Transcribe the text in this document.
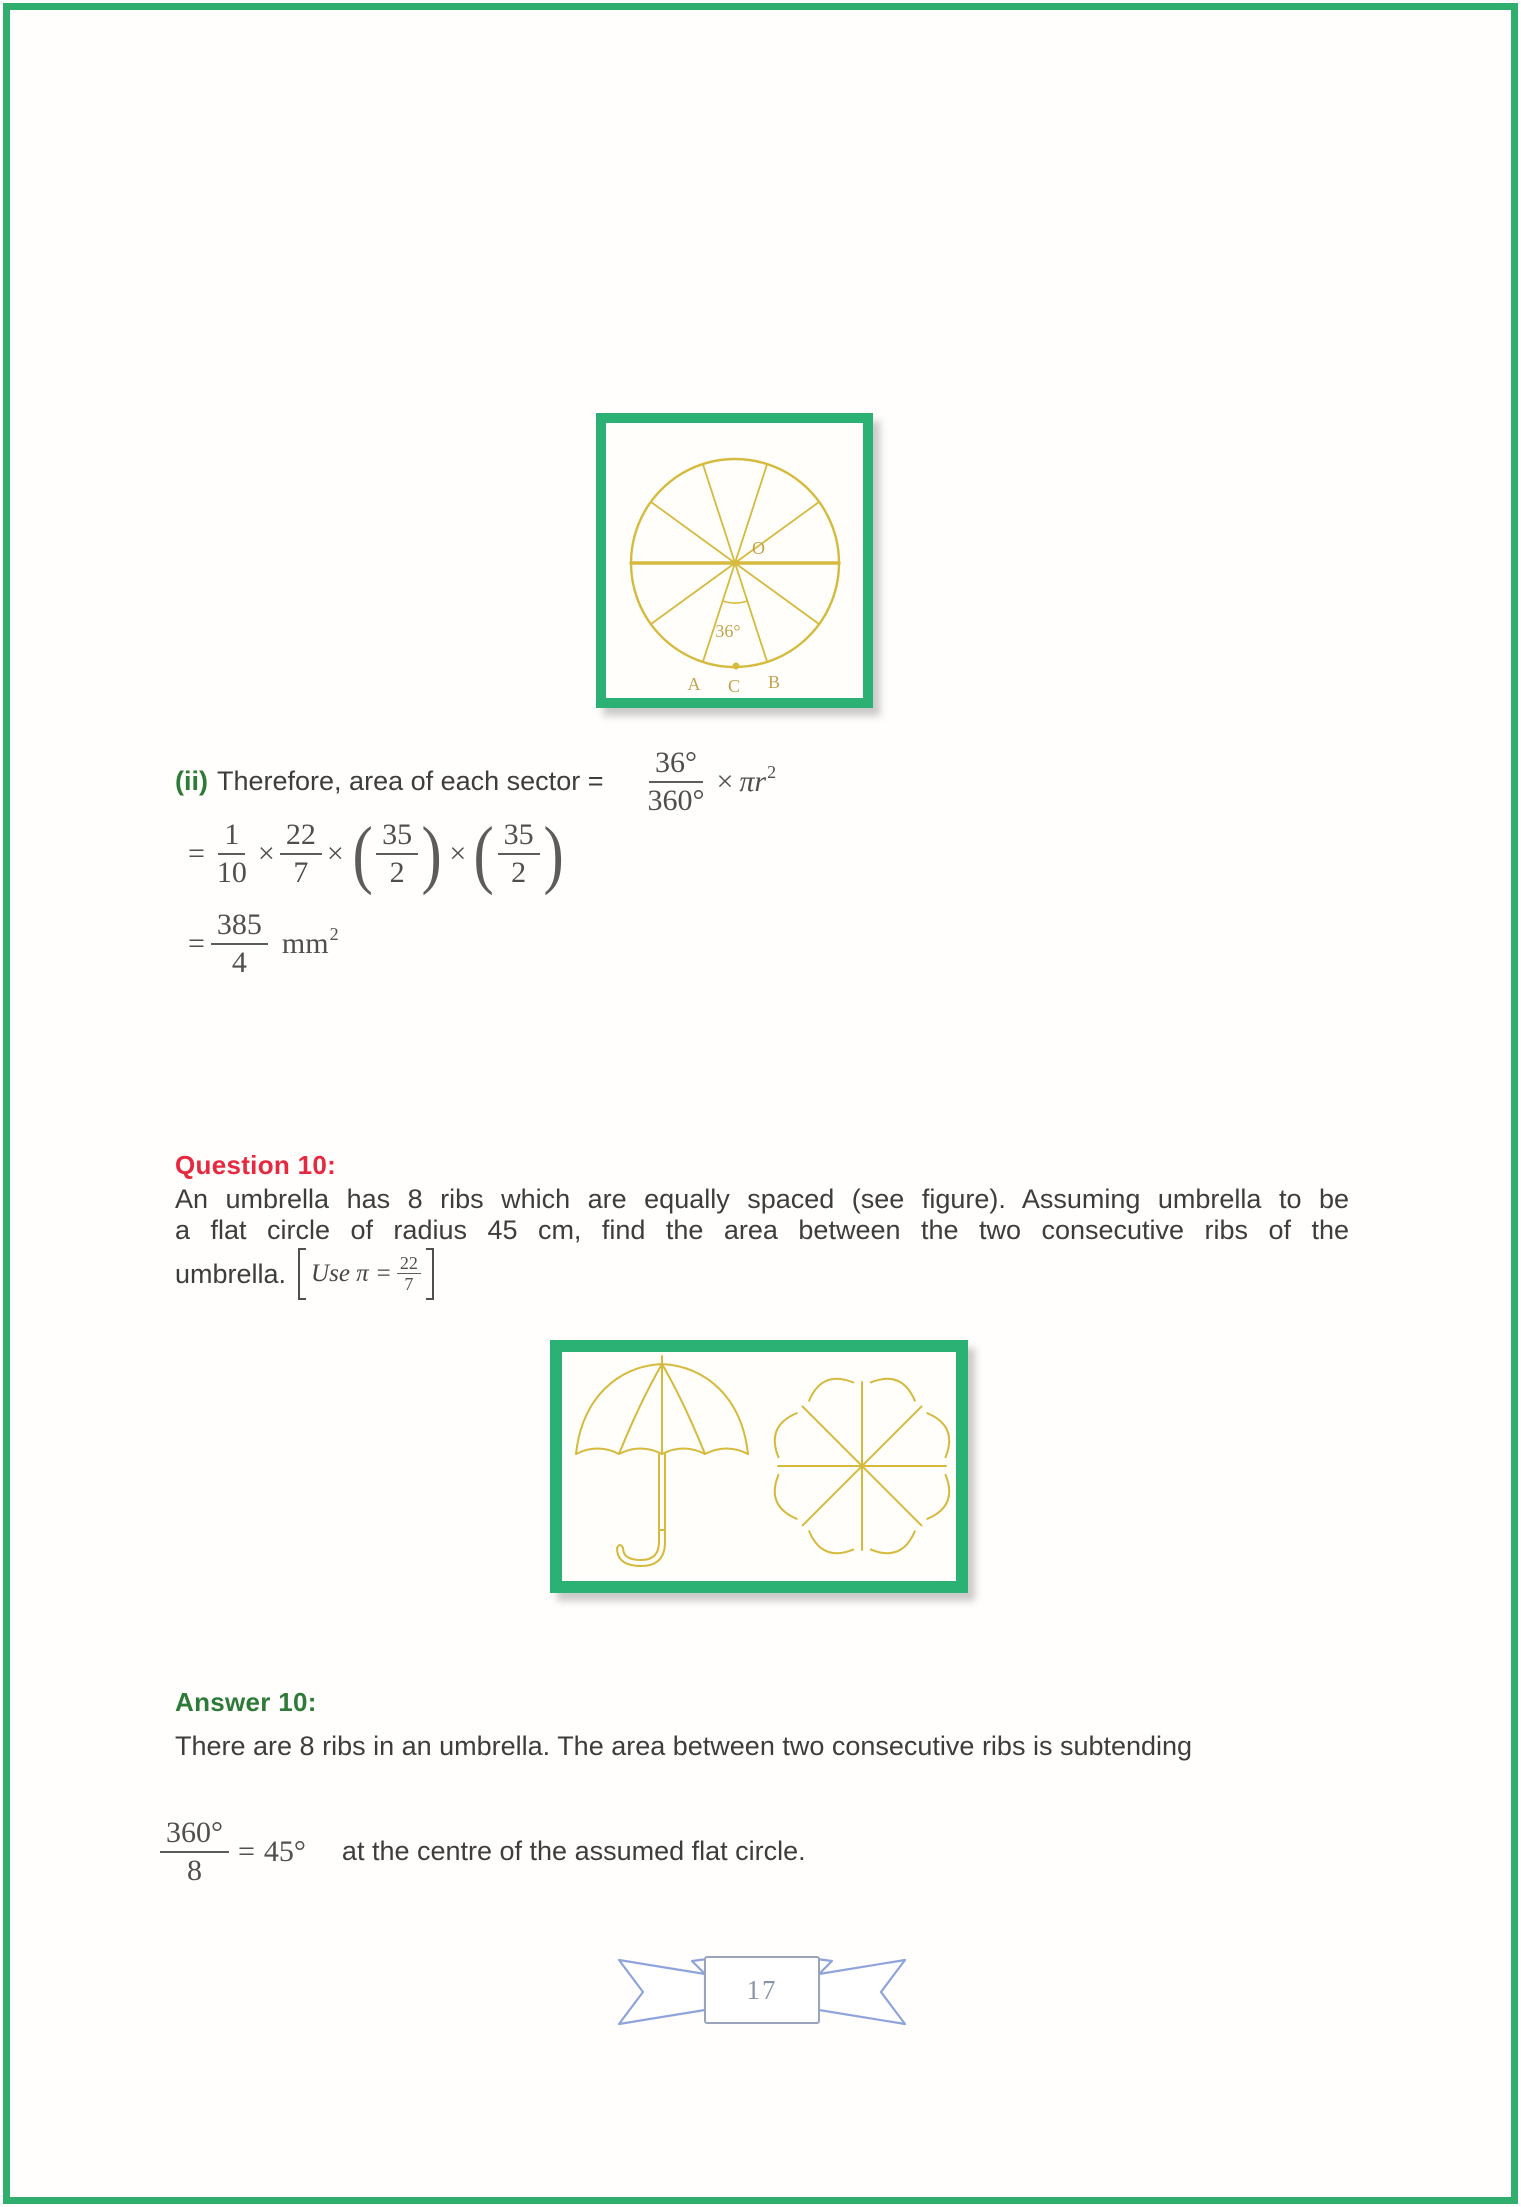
O
36°
A C B
(ii) Therefore, area of each sector = $\frac{36^\circ}{360^\circ} \times \pi r$ 2
= $\frac{1}{10} \times \frac{22}{7}$ × ( $\frac{35}{2}$ ) × ( $\frac{35}{2}$ )
= $\frac{385}{4}$ mm 2
Question 10:
An umbrella has 8 ribs which are equally spaced (see figure). Assuming umbrella to be
a flat circle of radius 45 cm, find the area between the two consecutive ribs of the
umbrella. Use $\pi = \frac{22}{7}$
Answer 10:
There are 8 ribs in an umbrella. The area between two consecutive ribs is subtending
$\frac{360^\circ}{8} = 45^\circ$ at the centre of the assumed flat circle.
17
